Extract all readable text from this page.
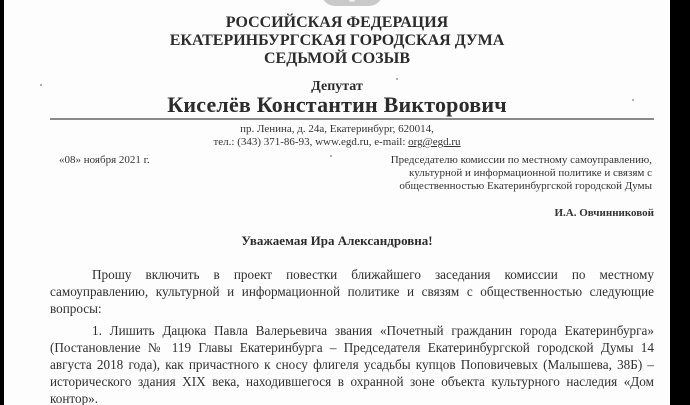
РОССИЙСКАЯ ФЕДЕРАЦИЯ
ЕКАТЕРИНБУРГСКАЯ ГОРОДСКАЯ ДУМА
СЕДЬМОЙ СОЗЫВ
Депутат
Киселёв Константин Викторович
пр. Ленина, д. 24а, Екатеринбург, 620014,
тел.: (343) 371-86-93, www.egd.ru, e-mail: org@egd.ru
«08» ноября 2021 г.	Председателю комиссии по местному самоуправлению, культурной и информационной политике и связям с общественностью Екатеринбургской городской Думы
И.А. Овчинниковой
Уважаемая Ира Александровна!
Прошу включить в проект повестки ближайшего заседания комиссии по местному самоуправлению, культурной и информационной политике и связям с общественностью следующие вопросы:
1. Лишить Дацюка Павла Валерьевича звания «Почетный гражданин города Екатеринбурга» (Постановление № 119 Главы Екатеринбурга – Председателя Екатеринбургской городской Думы 14 августа 2018 года), как причастного к сносу флигеля усадьбы купцов Поповичевых (Малышева, 38Б) – исторического здания XIX века, находившегося в охранной зоне объекта культурного наследия «Дом контор».
